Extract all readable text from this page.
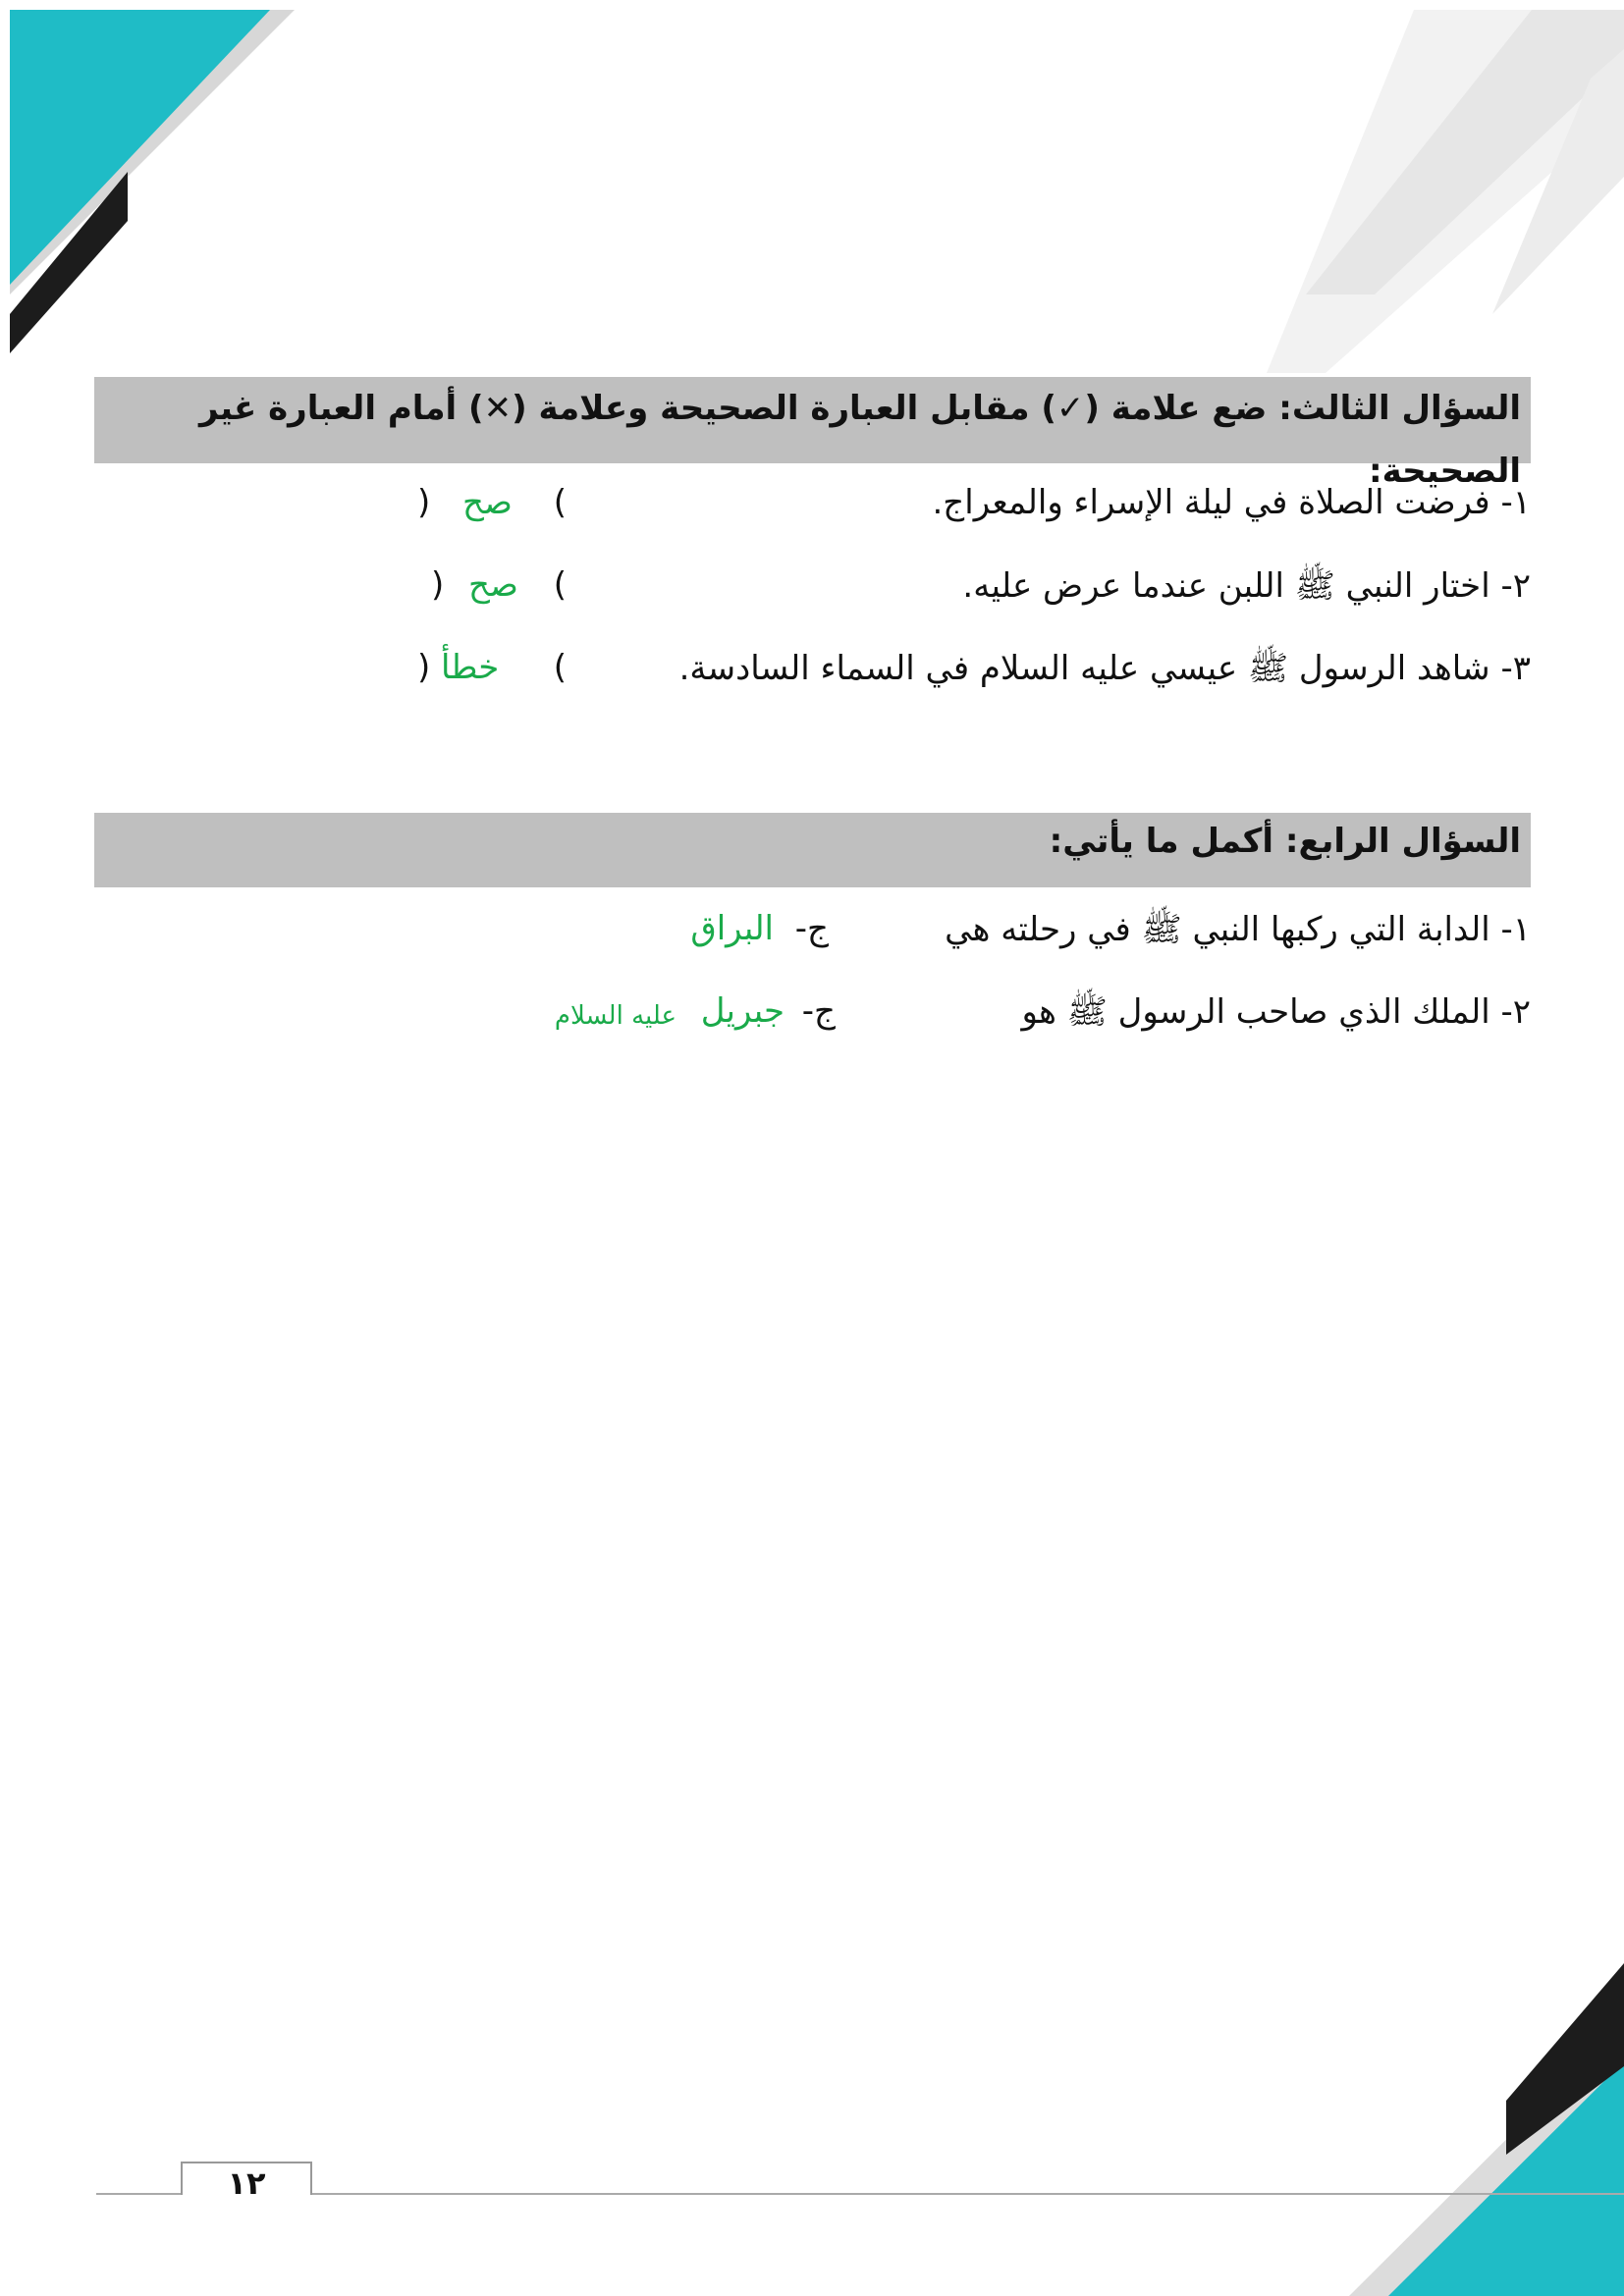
السؤال الثالث: ضع علامة (✓) مقابل العبارة الصحيحة وعلامة (✕) أمام العبارة غير الصحيحة:
١- فرضت الصلاة في ليلة الإسراء والمعراج.
(
صح
)
٢- اختار النبي ﷺ اللبن عندما عرض عليه.
(
صح
)
٣- شاهد الرسول ﷺ عيسي عليه السلام في السماء السادسة.
(
خطأ
)
السؤال الرابع: أكمل ما يأتي:
١- الدابة التي ركبها النبي ﷺ في رحلته هي
ج-
البراق
٢- الملك الذي صاحب الرسول ﷺ هو
ج-
جبريل
عليه السلام
١٢
